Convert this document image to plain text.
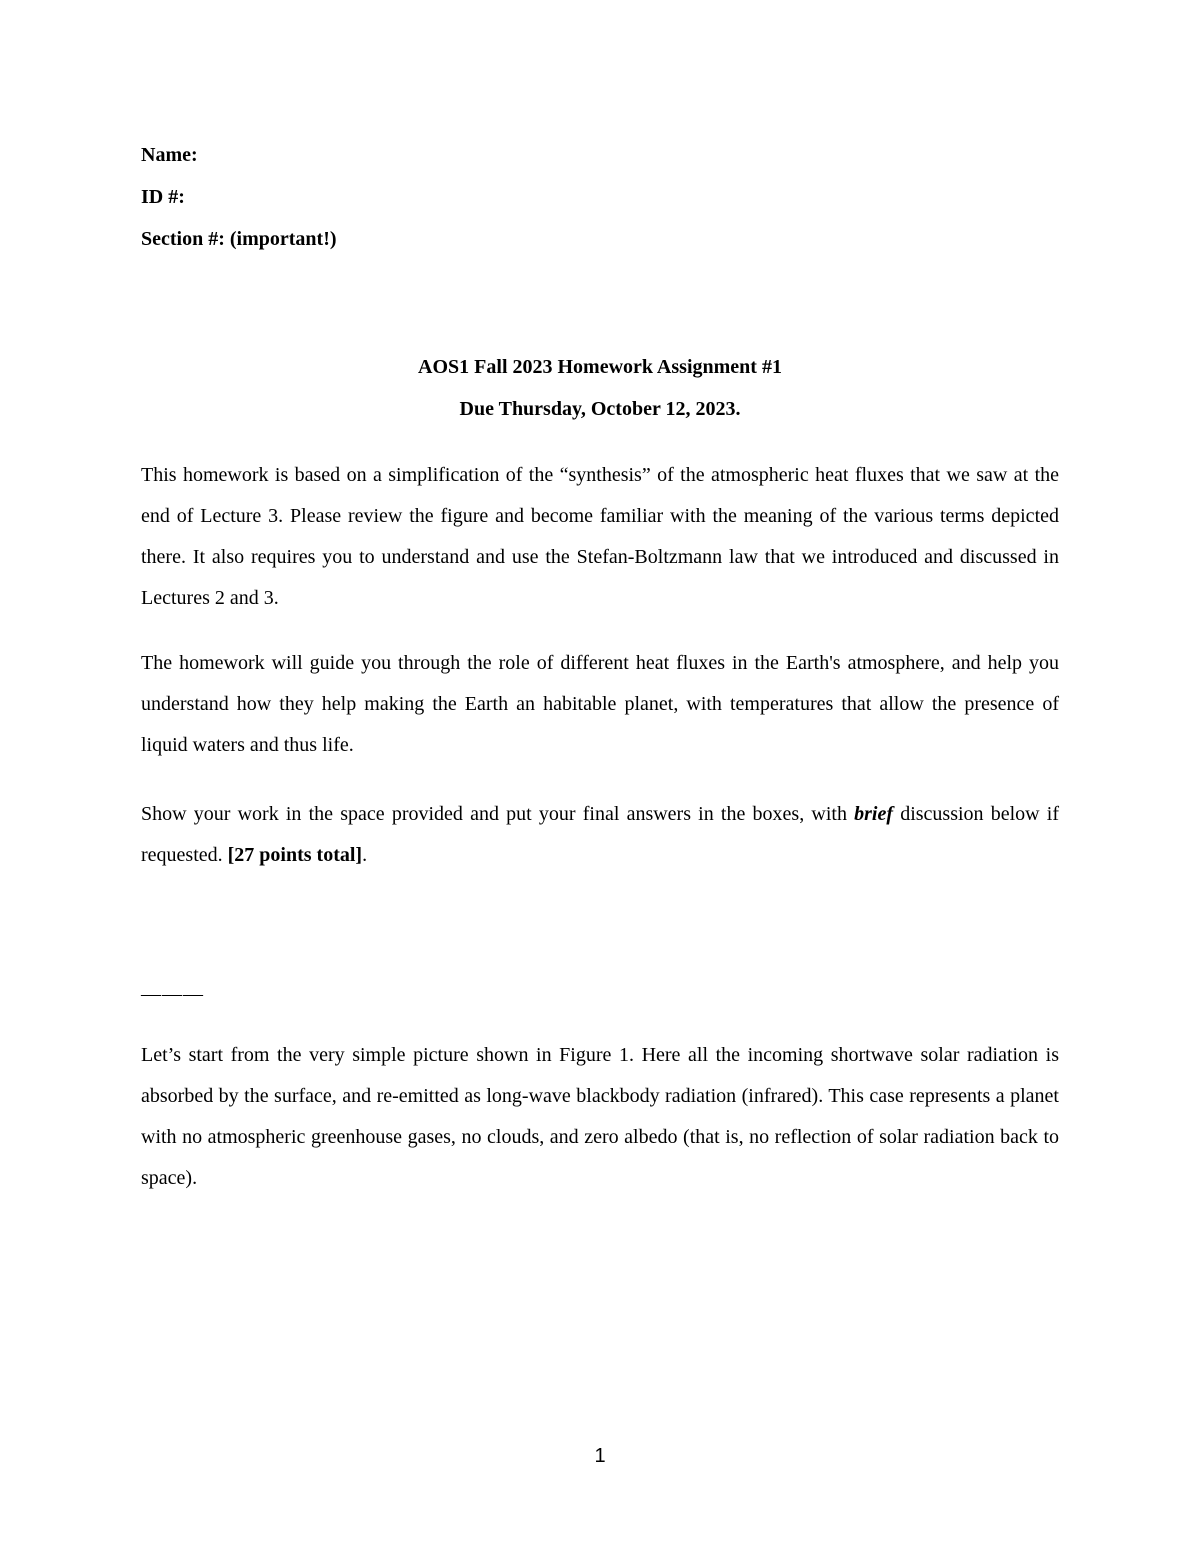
Name:
ID #:
Section #: (important!)
AOS1 Fall 2023 Homework Assignment #1
Due Thursday, October 12, 2023.

This homework is based on a simplification of the “synthesis” of the atmospheric heat fluxes that we saw at the end of Lecture 3. Please review the figure and become familiar with the meaning of the various terms depicted there. It also requires you to understand and use the Stefan-Boltzmann law that we introduced and discussed in Lectures 2 and 3.

The homework will guide you through the role of different heat fluxes in the Earth's atmosphere, and help you understand how they help making the Earth an habitable planet, with temperatures that allow the presence of liquid waters and thus life.

Show your work in the space provided and put your final answers in the boxes, with brief discussion below if requested. [27 points total].

———

Let’s start from the very simple picture shown in Figure 1. Here all the incoming shortwave solar radiation is absorbed by the surface, and re-emitted as long-wave blackbody radiation (infrared). This case represents a planet with no atmospheric greenhouse gases, no clouds, and zero albedo (that is, no reflection of solar radiation back to space).

1
